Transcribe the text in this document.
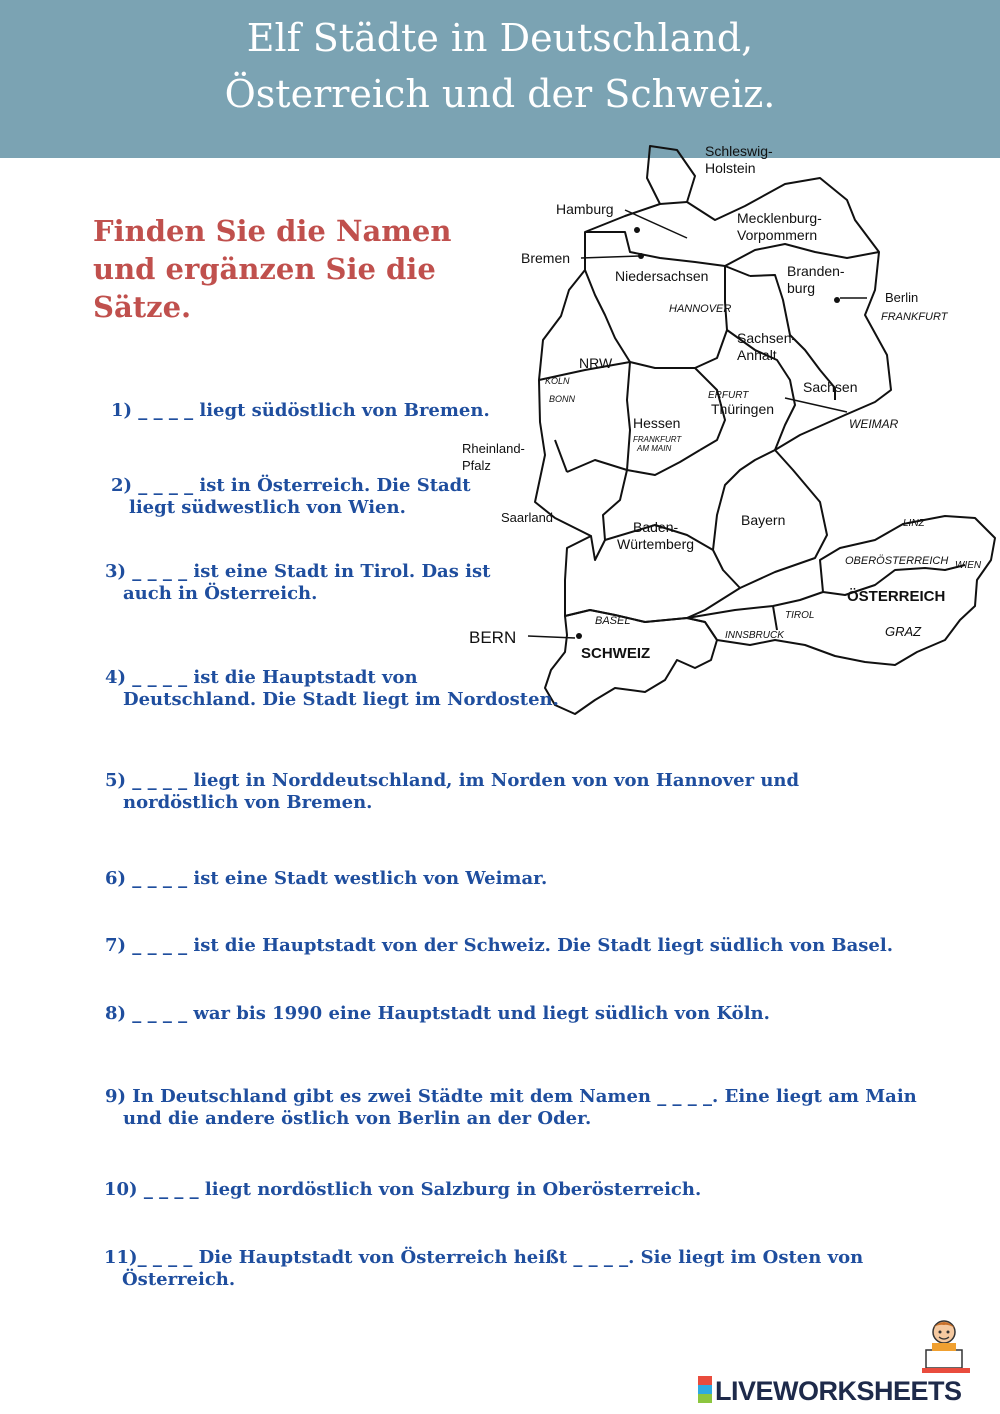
Elf Städte in Deutschland,
Österreich und der Schweiz.
Finden Sie die Namen
und ergänzen Sie die
Sätze.
Schleswig-
Holstein
Hamburg
Mecklenburg-
Vorpommern
Bremen
Niedersachsen	Branden-
burg
Berlin
NRW
Sachsen-
Anhalt
Sachsen
Thüringen
Hessen
Rheinland-
Pfalz
Saarland	Bayern
Baden-
Würtemberg
SCHWEIZ
ÖSTERREICH
FRANKFURT
HANNOVER
KÖLN
BONN	ERFURT
WEIMAR
FRANKFURT
AM MAIN
LINZ
OBERÖSTERREICH WIEN
GRAZ
TIROL
INNSBRUCK
BASEL
BERN
1) _ _ _ _ liegt südöstlich von Bremen.
2) _ _ _ _ ist in Österreich. Die Stadt
liegt südwestlich von Wien.
3) _ _ _ _ ist eine Stadt in Tirol. Das ist
auch in Österreich.
4) _ _ _ _ ist die Hauptstadt von
Deutschland. Die Stadt liegt im Nordosten.
5) _ _ _ _ liegt in Norddeutschland, im Norden von von Hannover und
nordöstlich von Bremen.
6) _ _ _ _ ist eine Stadt westlich von Weimar.
7) _ _ _ _ ist die Hauptstadt von der Schweiz. Die Stadt liegt südlich von Basel.
8) _ _ _ _ war bis 1990 eine Hauptstadt und liegt südlich von Köln.
9) In Deutschland gibt es zwei Städte mit dem Namen _ _ _ _. Eine liegt am Main
und die andere östlich von Berlin an der Oder.
10) _ _ _ _ liegt nordöstlich von Salzburg in Oberösterreich.
11)_ _ _ _ Die Hauptstadt von Österreich heißt _ _ _ _. Sie liegt im Osten von
Österreich.
LIVEWORKSHEETS
